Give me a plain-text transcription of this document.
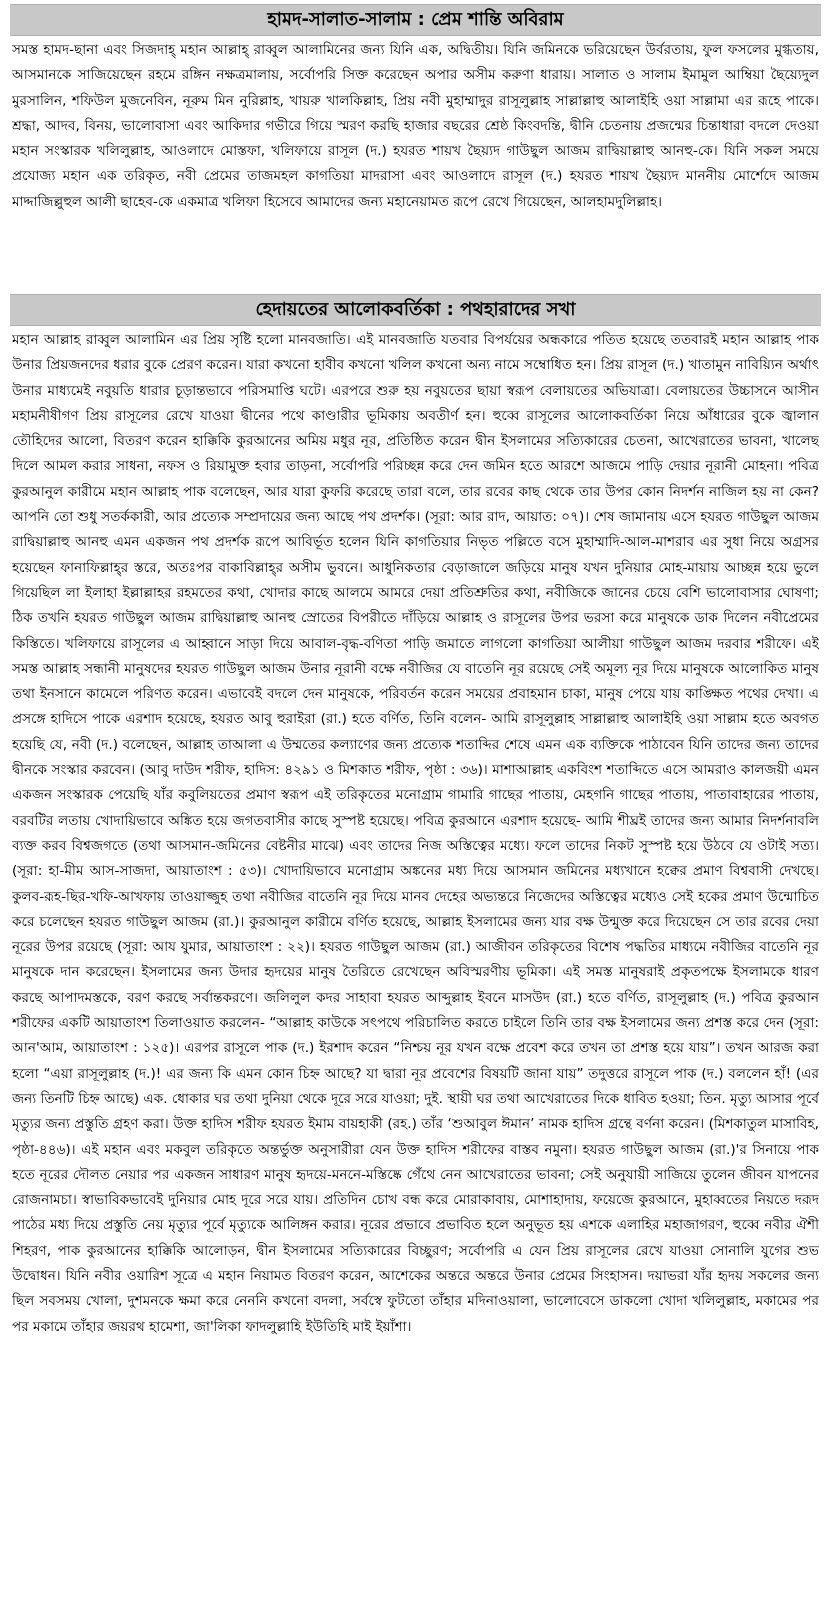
হামদ-সালাত-সালাম : প্রেম শান্তি অবিরাম

সমস্ত হামদ-ছানা এবং সিজদাহ্‌ মহান আল্লাহ্‌ রাব্বুল আলামিনের জন্য যিনি এক, অদ্বিতীয়। যিনি জমিনকে ভরিয়েছেন উর্বরতায়, ফুল ফসলের মুগ্ধতায়, আসমানকে সাজিয়েছেন রহমে রঙ্গিন নক্ষত্রমালায়, সর্বোপরি সিক্ত করেছেন অপার অসীম করুণা ধারায়। সালাত ও সালাম ইমামুল আম্বিয়া ছৈয়্যেদুল মুরসালিন, শফিউল মুজনেবিন, নূরুম মিন নুরিল্লাহ, খায়রু খালকিল্লাহ, প্রিয় নবী মুহাম্মাদুর রাসূলুল্লাহ সাল্লাল্লাহু আলাইহি ওয়া সাল্লামা এর রূহে পাকে। শ্রদ্ধা, আদব, বিনয়, ভালোবাসা এবং আকিদার গভীরে গিয়ে স্মরণ করছি হাজার বছরের শ্রেষ্ঠ কিংবদন্তি, দ্বীনি চেতনায় প্রজন্মের চিন্তাধারা বদলে দেওয়া মহান সংস্কারক খলিলুল্লাহ, আওলাদে মোস্তফা, খলিফায়ে রাসূল (দ.) হযরত শায়খ ছৈয়্যদ গাউছুল আজম রাদ্বিয়াল্লাহু আনহু-কে। যিনি সকল সময়ে প্রযোজ্য মহান এক তরিকৃত, নবী প্রেমের তাজমহল কাগতিয়া মাদরাসা এবং আওলাদে রাসূল (দ.) হযরত শায়খ ছৈয়্যদ মাননীয় মোর্শেদে আজম মাদ্দাজিল্লুহুল আলী ছাহেব-কে একমাত্র খলিফা হিসেবে আমাদের জন্য মহানেয়ামত রূপে রেখে গিয়েছেন, আলহামদুলিল্লাহ।

হেদায়তের আলোকবর্তিকা : পথহারাদের সখা

মহান আল্লাহ রাব্বুল আলামিন এর প্রিয় সৃষ্টি হলো মানবজাতি। এই মানবজাতি যতবার বিপর্যয়ের অন্ধকারে পতিত হয়েছে ততবারই মহান আল্লাহ পাক উনার প্রিয়জনদের ধরার বুকে প্রেরণ করেন। যারা কখনো হাবীব কখনো খলিল কখনো অন্য নামে সম্বোধিত হন। প্রিয় রাসূল (দ.) খাতামুন নাবিয়্যিন অর্থাৎ উনার মাধ্যমেই নবুয়তি ধারার চূড়ান্তভাবে পরিসমাপ্তি ঘটে। এরপরে শুরু হয় নবুয়তের ছায়া স্বরূপ বেলায়তের অভিযাত্রা। বেলায়তের উচ্চাসনে আসীন মহামনীষীগণ প্রিয় রাসূলের রেখে যাওয়া দ্বীনের পথে কাণ্ডারীর ভূমিকায় অবতীর্ণ হন। হুব্বে রাসূলের আলোকবর্তিকা নিয়ে আঁধারের বুকে জ্বালান তৌহিদের আলো, বিতরণ করেন হাক্কিকি কুরআনের অমিয় মধুর নূর, প্রতিষ্ঠিত করেন দ্বীন ইসলামের সত্যিকারের চেতনা, আখেরাতের ভাবনা, খালেছ দিলে আমল করার সাধনা, নফস ও রিয়ামুক্ত হবার তাড়না, সর্বোপরি পরিচ্ছন্ন করে দেন জমিন হতে আরশে আজমে পাড়ি দেয়ার নূরানী মোহনা। পবিত্র কুরআনুল কারীমে মহান আল্লাহ পাক বলেছেন, আর যারা কুফরি করেছে তারা বলে, তার রবের কাছ থেকে তার উপর কোন নিদর্শন নাজিল হয় না কেন? আপনি তো শুধু সতর্ককারী, আর প্রত্যেক সম্প্রদায়ের জন্য আছে পথ প্রদর্শক। (সূরা: আর রাদ, আয়াত: ০৭)। শেষ জামানায় এসে হযরত গাউছুল আজম রাদ্বিয়াল্লাহু আনহু এমন একজন পথ প্রদর্শক রূপে আবির্ভূত হলেন যিনি কাগতিয়ার নিভৃত পল্লিতে বসে মুহাম্মাদি-আল-মাশরাব এর সুধা নিয়ে অগ্রসর হয়েছেন ফানাফিল্লাহ্‌র স্তরে, অতঃপর বাকাবিল্লাহ্‌র অসীম ভুবনে। আধুনিকতার বেড়াজালে জড়িয়ে মানুষ যখন দুনিয়ার মোহ-মায়ায় আচ্ছন্ন হয়ে ভুলে গিয়েছিল লা ইলাহা ইল্লাল্লাহর রহমতের কথা, খোদার কাছে আলমে আমরে দেয়া প্রতিশ্রুতির কথা, নবীজিকে জানের চেয়ে বেশি ভালোবাসার ঘোষণা; ঠিক তখনি হযরত গাউছুল আজম রাদ্বিয়াল্লাহু আনহু স্রোতের বিপরীতে দাঁড়িয়ে আল্লাহ ও রাসূলের উপর ভরসা করে মানুষকে ডাক দিলেন নবীপ্রেমের কিস্তিতে। খলিফায়ে রাসূলের এ আহ্বানে সাড়া দিয়ে আবাল-বৃদ্ধ-বণিতা পাড়ি জমাতে লাগলো কাগতিয়া আলীয়া গাউছুল আজম দরবার শরীফে। এই সমস্ত আল্লাহ সন্ধানী মানুষদের হযরত গাউছুল আজম উনার নূরানী বক্ষে নবীজির যে বাতেনি নূর রয়েছে সেই অমূল্য নূর দিয়ে মানুষকে আলোকিত মানুষ তথা ইনসানে কামেলে পরিণত করেন। এভাবেই বদলে দেন মানুষকে, পরিবর্তন করেন সময়ের প্রবাহমান চাকা, মানুষ পেয়ে যায় কাঙ্ক্ষিত পথের দেখা। এ প্রসঙ্গে হাদিসে পাকে এরশাদ হয়েছে, হযরত আবু হুরাইরা (রা.) হতে বর্ণিত, তিনি বলেন- আমি রাসূলুল্লাহ সাল্লাল্লাহু আলাইহি ওয়া সাল্লাম হতে অবগত হয়েছি যে, নবী (দ.) বলেছেন, আল্লাহ তাআলা এ উম্মতের কল্যাণের জন্য প্রত্যেক শতাব্দির শেষে এমন এক ব্যক্তিকে পাঠাবেন যিনি তাদের জন্য তাদের দ্বীনকে সংস্কার করবেন। (আবু দাউদ শরীফ, হাদিস: ৪২৯১ ও মিশকাত শরীফ, পৃষ্ঠা : ৩৬)। মাশাআল্লাহ একবিংশ শতাব্দিতে এসে আমরাও কালজয়ী এমন একজন সংস্কারক পেয়েছি যাঁর কবুলিয়তের প্রমাণ স্বরূপ এই তরিকৃতের মনোগ্রাম গামারি গাছের পাতায়, মেহগনি গাছের পাতায়, পাতাবাহারের পাতায়, বরবটির লতায় খোদায়িভাবে অঙ্কিত হয়ে জগতবাসীর কাছে সুস্পষ্ট হয়েছে। পবিত্র কুরআনে এরশাদ হয়েছে- আমি শীঘ্রই তাদের জন্য আমার নিদর্শনাবলি ব্যক্ত করব বিশ্বজগতে (তথা আসমান-জমিনের বেষ্টনীর মাঝে) এবং তাদের নিজ অস্তিত্বের মধ্যে। ফলে তাদের নিকট সুস্পষ্ট হয়ে উঠবে যে ওটাই সত্য। (সূরা: হা-মীম আস-সাজদা, আয়াতাংশ : ৫৩)। খোদায়িভাবে মনোগ্রাম অঙ্কনের মধ্য দিয়ে আসমান জমিনের মধ্যখানে হক্বের প্রমাণ বিশ্ববাসী দেখছে। কুলব-রূহ-ছির-খফি-আখফায় তাওয়াজ্জুহ তথা নবীজির বাতেনি নূর দিয়ে মানব দেহের অভ্যন্তরে নিজেদের অস্তিত্বের মধ্যেও সেই হকের প্রমাণ উন্মোচিত করে চলেছেন হযরত গাউছুল আজম (রা.)। কুরআনুল কারীমে বর্ণিত হয়েছে, আল্লাহ ইসলামের জন্য যার বক্ষ উন্মুক্ত করে দিয়েছেন সে তার রবের দেয়া নূরের উপর রয়েছে (সূরা: আয যুমার, আয়াতাংশ : ২২)। হযরত গাউছুল আজম (রা.) আজীবন তরিকৃতের বিশেষ পদ্ধতির মাধ্যমে নবীজির বাতেনি নূর মানুষকে দান করেছেন। ইসলামের জন্য উদার হৃদয়ের মানুষ তৈরিতে রেখেছেন অবিস্মরণীয় ভূমিকা। এই সমস্ত মানুষরাই প্রকৃতপক্ষে ইসলামকে ধারণ করছে আপাদমস্তকে, বরণ করছে সর্বান্তকরণে। জলিলুল কদর সাহাবা হযরত আব্দুল্লাহ ইবনে মাসউদ (রা.) হতে বর্ণিত, রাসূলুল্লাহ (দ.) পবিত্র কুরআন শরীফের একটি আয়াতাংশ তিলাওয়াত করলেন- “আল্লাহ কাউকে সৎপথে পরিচালিত করতে চাইলে তিনি তার বক্ষ ইসলামের জন্য প্রশস্ত করে দেন (সূরা: আন'আম, আয়াতাংশ : ১২৫)। এরপর রাসূলে পাক (দ.) ইরশাদ করেন “নিশ্চয় নূর যখন বক্ষে প্রবেশ করে তখন তা প্রশস্ত হয়ে যায়”। তখন আরজ করা হলো “এয়া রাসূলুল্লাহ (দ.)! এর জন্য কি এমন কোন চিহ্ন আছে? যা দ্বারা নূর প্রবেশের বিষয়টি জানা যায়” তদুত্তরে রাসূলে পাক (দ.) বললেন হাঁ! (এর জন্য তিনটি চিহ্ন আছে) এক. ধোকার ঘর তথা দুনিয়া থেকে দূরে সরে যাওয়া; দুই. স্থায়ী ঘর তথা আখেরাতের দিকে ধাবিত হওয়া; তিন. মৃত্যু আসার পূর্বে মৃত্যুর জন্য প্রস্তুতি গ্রহণ করা। উক্ত হাদিস শরীফ হযরত ইমাম বায়হাকী (রহ.) তাঁর ‘শুআবুল ঈমান’ নামক হাদিস গ্রন্থে বর্ণনা করেন। (মিশকাতুল মাসাবিহ, পৃষ্ঠা-৪৪৬)। এই মহান এবং মকবুল তরিকৃতে অন্তর্ভুক্ত অনুসারীরা যেন উক্ত হাদিস শরীফের বাস্তব নমুনা। হযরত গাউছুল আজম (রা.)'র সিনায়ে পাক হতে নূরের দৌলত নেয়ার পর একজন সাধারণ মানুষ হৃদয়ে-মননে-মস্তিষ্কে গেঁথে নেন আখেরাতের ভাবনা; সেই অনুযায়ী সাজিয়ে তুলেন জীবন যাপনের রোজনামচা। স্বাভাবিকভাবেই দুনিয়ার মোহ দূরে সরে যায়। প্রতিদিন চোখ বন্ধ করে মোরাকাবায়, মোশাহাদায়, ফয়েজে কুরআনে, মুহাব্বতের নিয়তে দরূদ পাঠের মধ্য দিয়ে প্রস্তুতি নেয় মৃত্যুর পূর্বে মৃত্যুকে আলিঙ্গন করার। নূরের প্রভাবে প্রভাবিত হলে অনুভূত হয় এশকে এলাহির মহাজাগরণ, হুব্বে নবীর ঐশী শিহরণ, পাক কুরআনের হাক্কিকি আলোড়ন, দ্বীন ইসলামের সত্যিকারের বিচ্ছুরণ; সর্বোপরি এ যেন প্রিয় রাসূলের রেখে যাওয়া সোনালি যুগের শুভ উদ্বোধন। যিনি নবীর ওয়ারিশ সূত্রে এ মহান নিয়ামত বিতরণ করেন, আশেকের অন্তরে অন্তরে উনার প্রেমের সিংহাসন। দয়াভরা যাঁর হৃদয় সকলের জন্য ছিল সবসময় খোলা, দুশমনকে ক্ষমা করে নেননি কখনো বদলা, সর্বস্বে ফুটতো তাঁহার মদিনাওয়ালা, ভালোবেসে ডাকলো খোদা খলিলুল্লাহ, মকামের পর পর মকামে তাঁহার জয়রথ হামেশা, জা'লিকা ফাদলুল্লাহি ইউতিহি মাই ইয়াঁশা।
